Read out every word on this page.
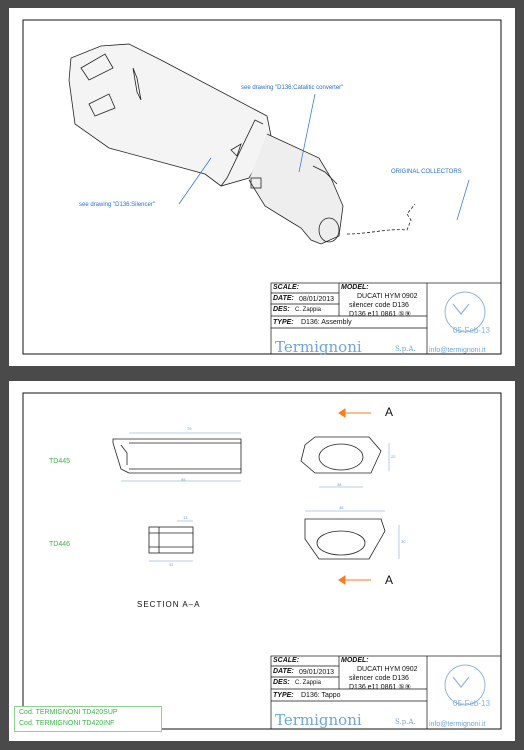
see drawing "D136:Catalitic converter"
see drawing "D136:Silencer"
ORIGINAL COLLECTORS
SCALE:	MODEL:
DATE: 08/01/2013
DES: C. Zappia
TYPE: D136: Assembly
DUCATI HYM 0902
silencer code D136
D136 e11 0861 ⑤⑨
Termignoni	S.p.A. info@termignoni.it
05-Feb-13
TD445
TD446
SECTION A–A
A
A
79
95
13
32
38
22
48
30
SCALE:	MODEL:
DATE: 09/01/2013
DES: C. Zappia
TYPE: D136: Tappo
DUCATI HYM 0902
silencer code D136
D136 e11 0861 ⑤⑨
Termignoni	S.p.A. info@termignoni.it
05-Feb-13
Cod. TERMIGNONI TD420SUP
Cod. TERMIGNONI TD420INF
